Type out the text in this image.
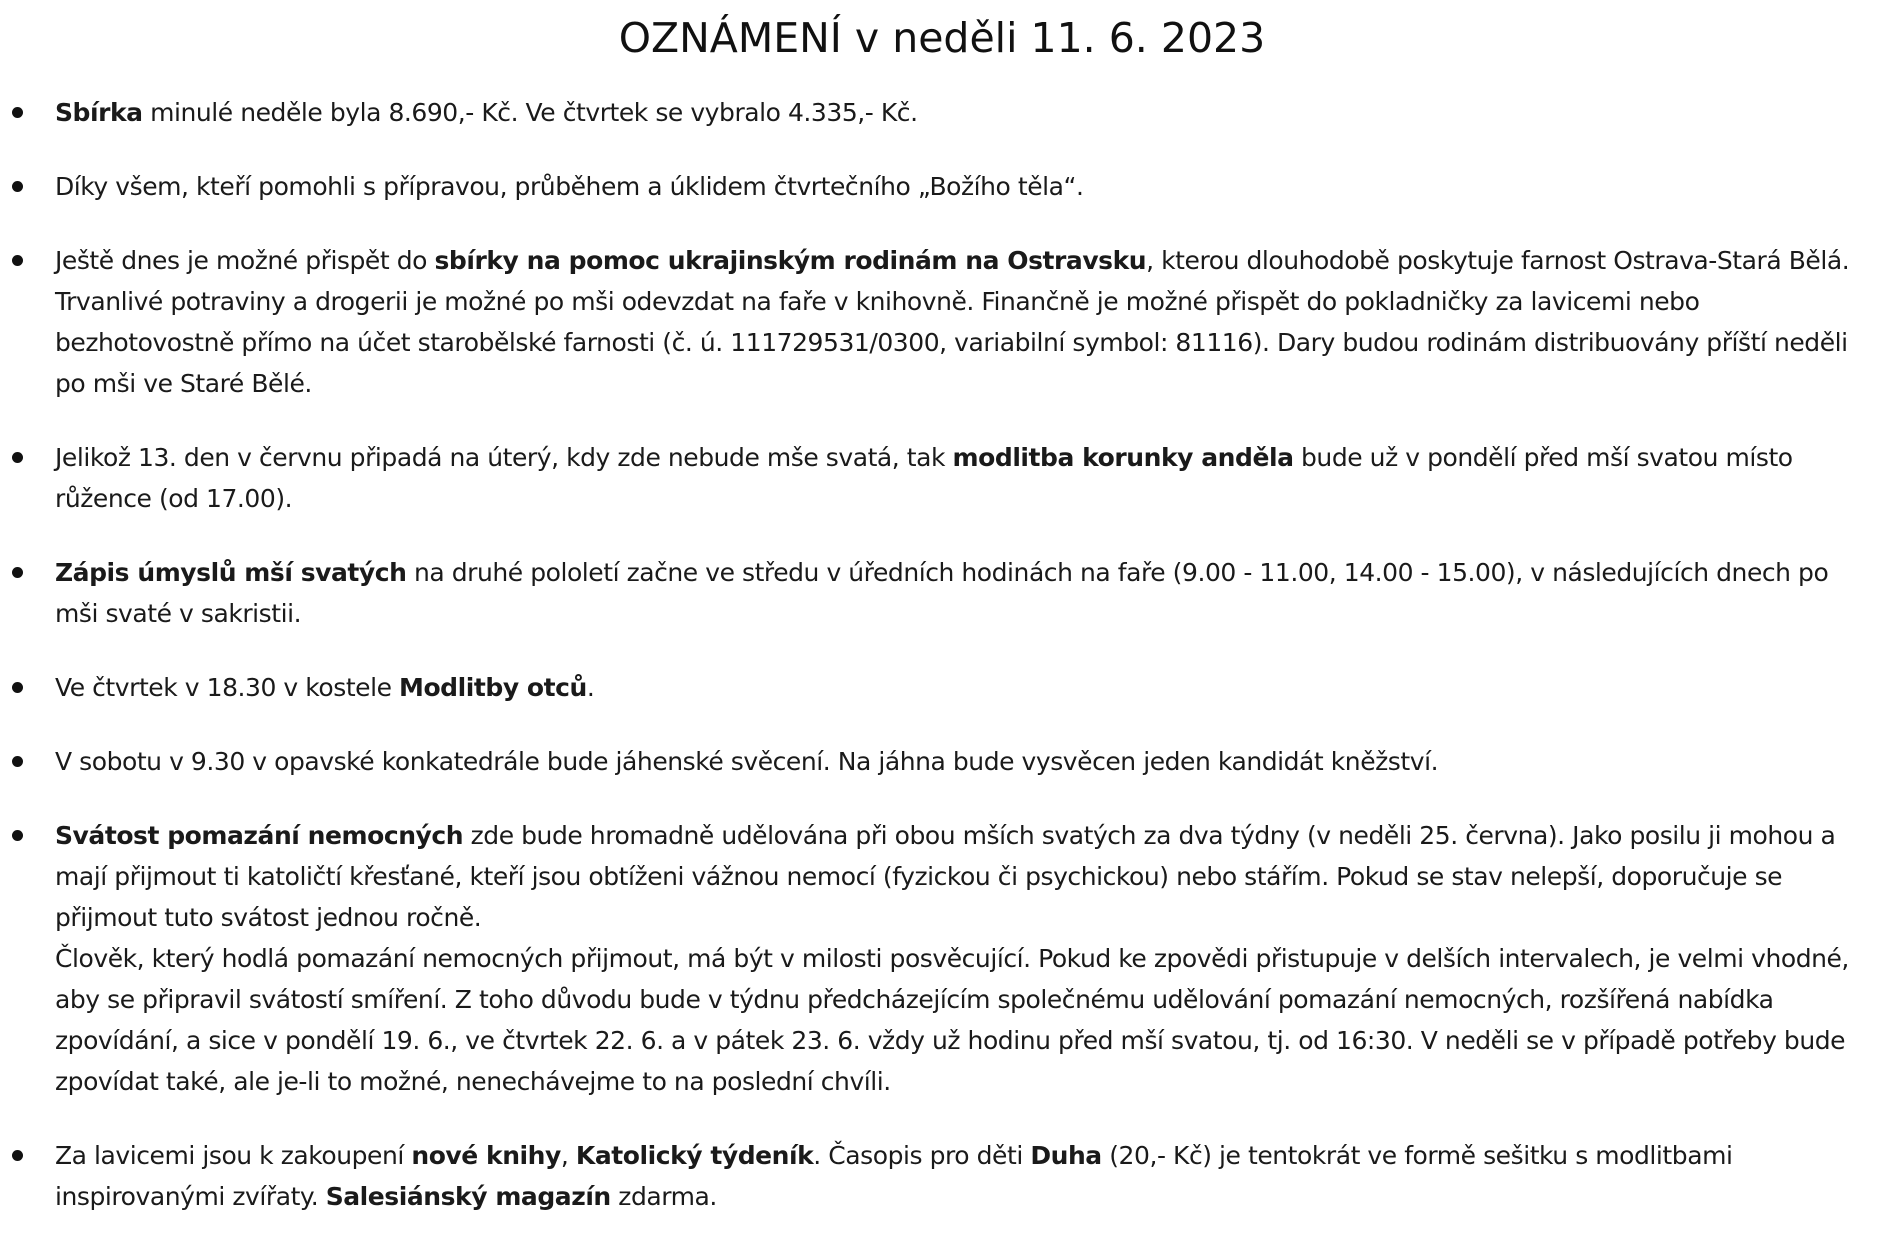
OZNÁMENÍ v neděli 11. 6. 2023

Sbírka minulé neděle byla 8.690,- Kč. Ve čtvrtek se vybralo 4.335,- Kč.

Díky všem, kteří pomohli s přípravou, průběhem a úklidem čtvrtečního „Božího těla“.

Ještě dnes je možné přispět do sbírky na pomoc ukrajinským rodinám na Ostravsku, kterou dlouhodobě poskytuje farnost Ostrava-Stará Bělá. Trvanlivé potraviny a drogerii je možné po mši odevzdat na faře v knihovně. Finančně je možné přispět do pokladničky za lavicemi nebo bezhotovostně přímo na účet starobělské farnosti (č. ú. 111729531/0300, variabilní symbol: 81116). Dary budou rodinám distribuovány příští neděli po mši ve Staré Bělé.

Jelikož 13. den v červnu připadá na úterý, kdy zde nebude mše svatá, tak modlitba korunky anděla bude už v pondělí před mší svatou místo růžence (od 17.00).

Zápis úmyslů mší svatých na druhé pololetí začne ve středu v úředních hodinách na faře (9.00 - 11.00, 14.00 - 15.00), v následujících dnech po mši svaté v sakristii.

Ve čtvrtek v 18.30 v kostele Modlitby otců.

V sobotu v 9.30 v opavské konkatedrále bude jáhenské svěcení. Na jáhna bude vysvěcen jeden kandidát kněžství.

Svátost pomazání nemocných zde bude hromadně udělována při obou mších svatých za dva týdny (v neděli 25. června). Jako posilu ji mohou a mají přijmout ti katoličtí křesťané, kteří jsou obtíženi vážnou nemocí (fyzickou či psychickou) nebo stářím. Pokud se stav nelepší, doporučuje se přijmout tuto svátost jednou ročně.
Člověk, který hodlá pomazání nemocných přijmout, má být v milosti posvěcující. Pokud ke zpovědi přistupuje v delších intervalech, je velmi vhodné, aby se připravil svátostí smíření. Z toho důvodu bude v týdnu předcházejícím společnému udělování pomazání nemocných, rozšířená nabídka zpovídání, a sice v pondělí 19. 6., ve čtvrtek 22. 6. a v pátek 23. 6. vždy už hodinu před mší svatou, tj. od 16:30. V neděli se v případě potřeby bude zpovídat také, ale je-li to možné, nenechávejme to na poslední chvíli.

Za lavicemi jsou k zakoupení nové knihy, Katolický týdeník. Časopis pro děti Duha (20,- Kč) je tentokrát ve formě sešitku s modlitbami inspirovanými zvířaty. Salesiánský magazín zdarma.
